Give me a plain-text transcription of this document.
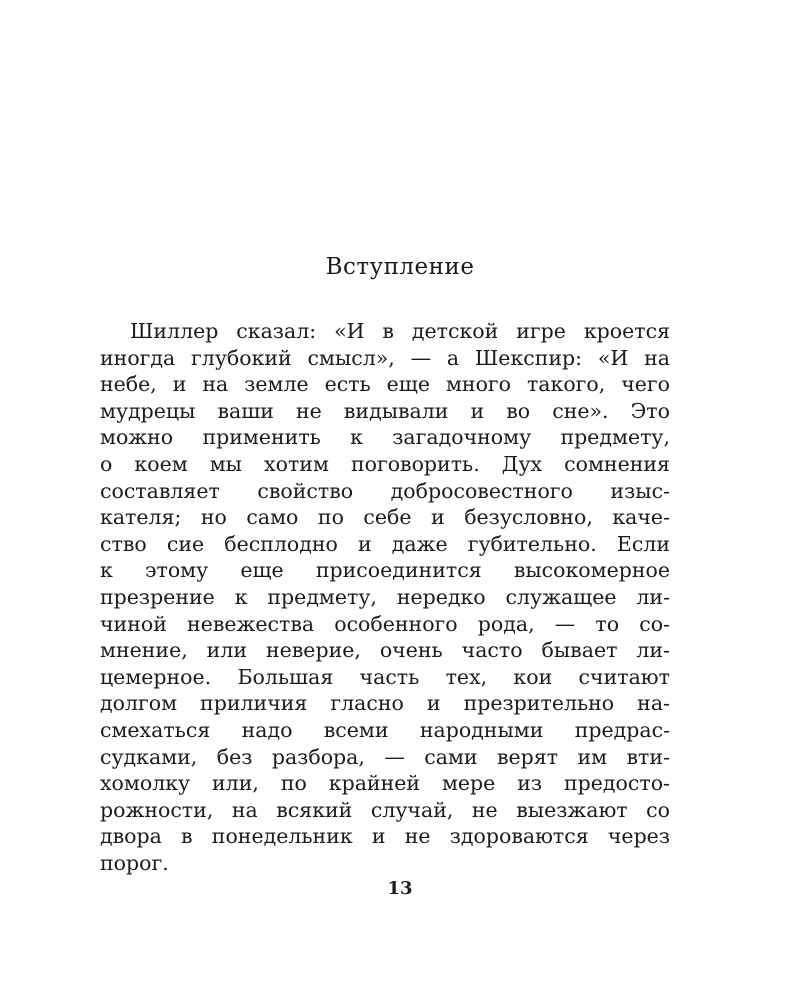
Вступление
Шиллер сказал: «И в детской игре кроется
иногда глубокий смысл», — а Шекспир: «И на
небе, и на земле есть еще много такого, чего
мудрецы ваши не видывали и во сне». Это
можно применить к загадочному предмету,
о коем мы хотим поговорить. Дух сомнения
составляет свойство добросовестного изыс-
кателя; но само по себе и безусловно, каче-
ство сие бесплодно и даже губительно. Если
к этому еще присоединится высокомерное
презрение к предмету, нередко служащее ли-
чиной невежества особенного рода, — то со-
мнение, или неверие, очень часто бывает ли-
цемерное. Большая часть тех, кои считают
долгом приличия гласно и презрительно на-
смехаться надо всеми народными предрас-
судками, без разбора, — сами верят им вти-
хомолку или, по крайней мере из предосто-
рожности, на всякий случай, не выезжают со
двора в понедельник и не здороваются через
порог.
13
